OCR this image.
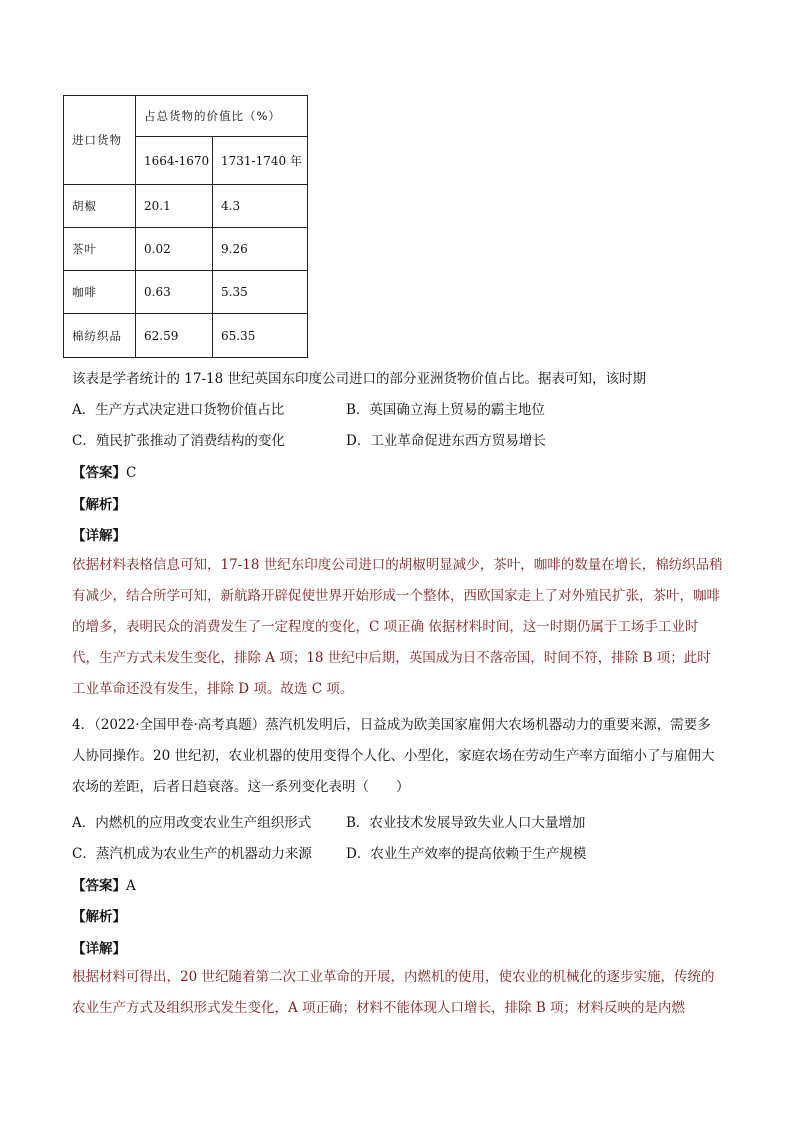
进口货物	占总货物的价值比（%）	
	1664-1670	1731-1740 年
胡椒	20.1	4.3
茶叶	0.02	9.26
咖啡	0.63	5.35
棉纺织品	62.59	65.35
该表是学者统计的 17-18 世纪英国东印度公司进口的部分亚洲货物价值占比。据表可知，该时期
A．生产方式决定进口货物价值占比	B．英国确立海上贸易的霸主地位
C．殖民扩张推动了消费结构的变化	D．工业革命促进东西方贸易增长
【答案】C
【解析】
【详解】
依据材料表格信息可知，17-18 世纪东印度公司进口的胡椒明显减少，茶叶，咖啡的数量在增长，棉纺织品稍有减少，结合所学可知，新航路开辟促使世界开始形成一个整体，西欧国家走上了对外殖民扩张，茶叶，咖啡的增多，表明民众的消费发生了一定程度的变化，C 项正确 依据材料时间，这一时期仍属于工场手工业时代，生产方式未发生变化，排除 A 项；18 世纪中后期，英国成为日不落帝国，时间不符，排除 B 项；此时工业革命还没有发生，排除 D 项。故选 C 项。
4．（2022·全国甲卷·高考真题）蒸汽机发明后，日益成为欧美国家雇佣大农场机器动力的重要来源，需要多人协同操作。20 世纪初，农业机器的使用变得个人化、小型化，家庭农场在劳动生产率方面缩小了与雇佣大农场的差距，后者日趋衰落。这一系列变化表明（　　）
A．内燃机的应用改变农业生产组织形式	B．农业技术发展导致失业人口大量增加
C．蒸汽机成为农业生产的机器动力来源	D．农业生产效率的提高依赖于生产规模
【答案】A
【解析】
【详解】
根据材料可得出，20 世纪随着第二次工业革命的开展，内燃机的使用，使农业的机械化的逐步实施，传统的农业生产方式及组织形式发生变化，A 项正确；材料不能体现人口增长，排除 B 项；材料反映的是内燃
